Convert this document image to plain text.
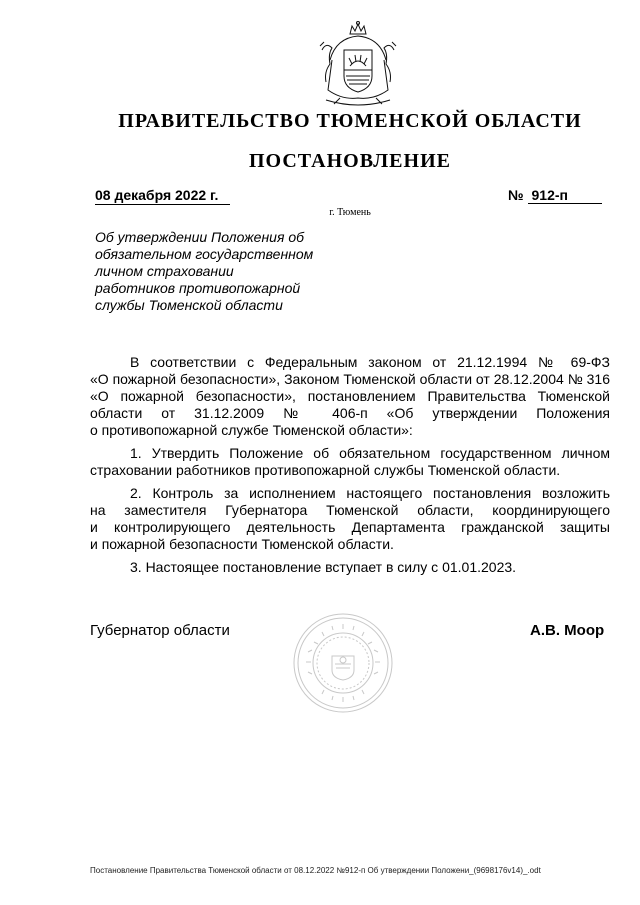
ПРАВИТЕЛЬСТВО ТЮМЕНСКОЙ ОБЛАСТИ
ПОСТАНОВЛЕНИЕ
08 декабря 2022 г.	№ 912-п
г. Тюмень
Об утверждении Положения об
обязательном государственном
личном страховании
работников противопожарной
службы Тюменской области
В соответствии с Федеральным законом от 21.12.1994 № 69-ФЗ
«О пожарной безопасности», Законом Тюменской области от 28.12.2004 № 316
«О пожарной безопасности», постановлением Правительства Тюменской
области от 31.12.2009 № 406-п «Об утверждении Положения
о противопожарной службе Тюменской области»:
1. Утвердить Положение об обязательном государственном личном
страховании работников противопожарной службы Тюменской области.
2. Контроль за исполнением настоящего постановления возложить
на заместителя Губернатора Тюменской области, координирующего
и контролирующего деятельность Департамента гражданской защиты
и пожарной безопасности Тюменской области.
3. Настоящее постановление вступает в силу с 01.01.2023.
Губернатор области	А.В. Моор
Постановление Правительства Тюменской области от 08.12.2022 №912-п Об утверждении Положени_(9698176v14)_.odt
